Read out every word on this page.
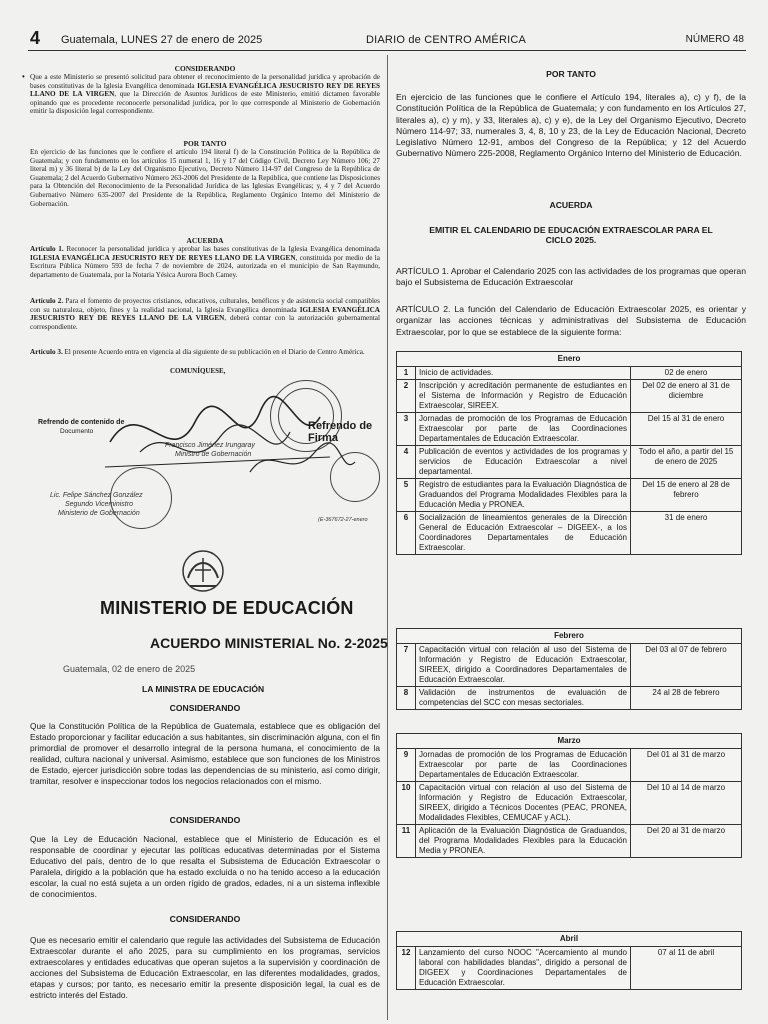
4 Guatemala, LUNES 27 de enero de 2025	DIARIO de CENTRO AMÉRICA	NÚMERO 48
•
CONSIDERANDO
Que a este Ministerio se presentó solicitud para obtener el reconocimiento de la personalidad jurídica y aprobación de bases constitutivas de la Iglesia Evangélica denominada IGLESIA EVANGÉLICA JESUCRISTO REY DE REYES LLANO DE LA VIRGEN, que la Dirección de Asuntos Jurídicos de este Ministerio, emitió dictamen favorable opinando que es procedente reconocerle personalidad jurídica, por lo que corresponde al Ministerio de Gobernación emitir la disposición legal correspondiente.
POR TANTO
En ejercicio de las funciones que le confiere el artículo 194 literal f) de la Constitución Política de la República de Guatemala; y con fundamento en los artículos 15 numeral 1, 16 y 17 del Código Civil, Decreto Ley Número 106; 27 literal m) y 36 literal b) de la Ley del Organismo Ejecutivo, Decreto Número 114-97 del Congreso de la República de Guatemala; 2 del Acuerdo Gubernativo Número 263-2006 del Presidente de la República, que contiene las Disposiciones para la Obtención del Reconocimiento de la Personalidad Jurídica de las Iglesias Evangélicas; y, 4 y 7 del Acuerdo Gubernativo Número 635-2007 del Presidente de la República, Reglamento Orgánico Interno del Ministerio de Gobernación.
ACUERDA
Artículo 1. Reconocer la personalidad jurídica y aprobar las bases constitutivas de la Iglesia Evangélica denominada IGLESIA EVANGÉLICA JESUCRISTO REY DE REYES LLANO DE LA VIRGEN, constituida por medio de la Escritura Pública Número 593 de fecha 7 de noviembre de 2024, autorizada en el municipio de San Raymundo, departamento de Guatemala, por la Notaria Yésica Aurora Boch Camey.
Artículo 2. Para el fomento de proyectos cristianos, educativos, culturales, benéficos y de asistencia social compatibles con su naturaleza, objeto, fines y la realidad nacional, la Iglesia Evangélica denominada IGLESIA EVANGÉLICA JESUCRISTO REY DE REYES LLANO DE LA VIRGEN, deberá contar con la autorización gubernamental correspondiente.
Artículo 3. El presente Acuerdo entra en vigencia al día siguiente de su publicación en el Diario de Centro América.
COMUNÍQUESE,
Refrendo de contenido de
Documento	Refrendo de Firma
Francisco Jiménez Irungaray
Ministro de Gobernación
Lic. Felipe Sánchez González
Segundo Viceministro
Ministerio de Gobernación
(E-367672-27-enero
MINISTERIO DE EDUCACIÓN
ACUERDO MINISTERIAL No. 2-2025
Guatemala, 02 de enero de 2025
LA MINISTRA DE EDUCACIÓN
CONSIDERANDO
Que la Constitución Política de la República de Guatemala, establece que es obligación del Estado proporcionar y facilitar educación a sus habitantes, sin discriminación alguna, con el fin primordial de promover el desarrollo integral de la persona humana, el conocimiento de la realidad, cultura nacional y universal. Asimismo, establece que son funciones de los Ministros de Estado, ejercer jurisdicción sobre todas las dependencias de su ministerio, así como dirigir, tramitar, resolver e inspeccionar todos los negocios relacionados con el mismo.
CONSIDERANDO
Que la Ley de Educación Nacional, establece que el Ministerio de Educación es el responsable de coordinar y ejecutar las políticas educativas determinadas por el Sistema Educativo del país, dentro de lo que resalta el Subsistema de Educación Extraescolar o Paralela, dirigido a la población que ha estado excluida o no ha tenido acceso a la educación escolar, la cual no está sujeta a un orden rígido de grados, edades, ni a un sistema inflexible de conocimientos.
CONSIDERANDO
Que es necesario emitir el calendario que regule las actividades del Subsistema de Educación Extraescolar durante el año 2025, para su cumplimiento en los programas, servicios extraescolares y entidades educativas que operan sujetos a la supervisión y coordinación de acciones del Subsistema de Educación Extraescolar, en las diferentes modalidades, grados, etapas y cursos; por tanto, es necesario emitir la presente disposición legal, la cual es de estricto interés del Estado.
POR TANTO
En ejercicio de las funciones que le confiere el Artículo 194, literales a), c) y f), de la Constitución Política de la República de Guatemala; y con fundamento en los Artículos 27, literales a), c) y m), y 33, literales a), c) y e), de la Ley del Organismo Ejecutivo, Decreto Número 114-97; 33, numerales 3, 4, 8, 10 y 23, de la Ley de Educación Nacional, Decreto Legislativo Número 12-91, ambos del Congreso de la República; y 12 del Acuerdo Gubernativo Número 225-2008, Reglamento Orgánico Interno del Ministerio de Educación.
ACUERDA
EMITIR EL CALENDARIO DE EDUCACIÓN EXTRAESCOLAR PARA EL CICLO 2025.
ARTÍCULO 1. Aprobar el Calendario 2025 con las actividades de los programas que operan bajo el Subsistema de Educación Extraescolar
ARTÍCULO 2. La función del Calendario de Educación Extraescolar 2025, es orientar y organizar las acciones técnicas y administrativas del Subsistema de Educación Extraescolar, por lo que se establece de la siguiente forma:
Enero		
1	Inicio de actividades.	02 de enero
2	Inscripción y acreditación permanente de estudiantes en el Sistema de Información y Registro de Educación Extraescolar, SIREEX.	Del 02 de enero al 31 de diciembre
3	Jornadas de promoción de los Programas de Educación Extraescolar por parte de las Coordinaciones Departamentales de Educación Extraescolar.	Del 15 al 31 de enero
4	Publicación de eventos y actividades de los programas y servicios de Educación Extraescolar a nivel departamental.	Todo el año, a partir del 15 de enero de 2025
5	Registro de estudiantes para la Evaluación Diagnóstica de Graduandos del Programa Modalidades Flexibles para la Educación Media y PRONEA.	Del 15 de enero al 28 de febrero
6	Socialización de lineamientos generales de la Dirección General de Educación Extraescolar – DIGEEX-, a los Coordinadores Departamentales de Educación Extraescolar.	31 de enero
Febrero		
7	Capacitación virtual con relación al uso del Sistema de Información y Registro de Educación Extraescolar, SIREEX, dirigido a Coordinadores Departamentales de Educación Extraescolar.	Del 03 al 07 de febrero
8	Validación de instrumentos de evaluación de competencias del SCC con mesas sectoriales.	24 al 28 de febrero
Marzo		
9	Jornadas de promoción de los Programas de Educación Extraescolar por parte de las Coordinaciones Departamentales de Educación Extraescolar.	Del 01 al 31 de marzo
10	Capacitación virtual con relación al uso del Sistema de Información y Registro de Educación Extraescolar, SIREEX, dirigido a Técnicos Docentes (PEAC, PRONEA, Modalidades Flexibles, CEMUCAF y ACL).	Del 10 al 14 de marzo
11	Aplicación de la Evaluación Diagnóstica de Graduandos, del Programa Modalidades Flexibles para la Educación Media y PRONEA.	Del 20 al 31 de marzo
Abril
12	Lanzamiento del curso NOOC "Acercamiento al mundo laboral con habilidades blandas", dirigido a personal de DIGEEX y Coordinaciones Departamentales de Educación Extraescolar.	07 al 11 de abril
